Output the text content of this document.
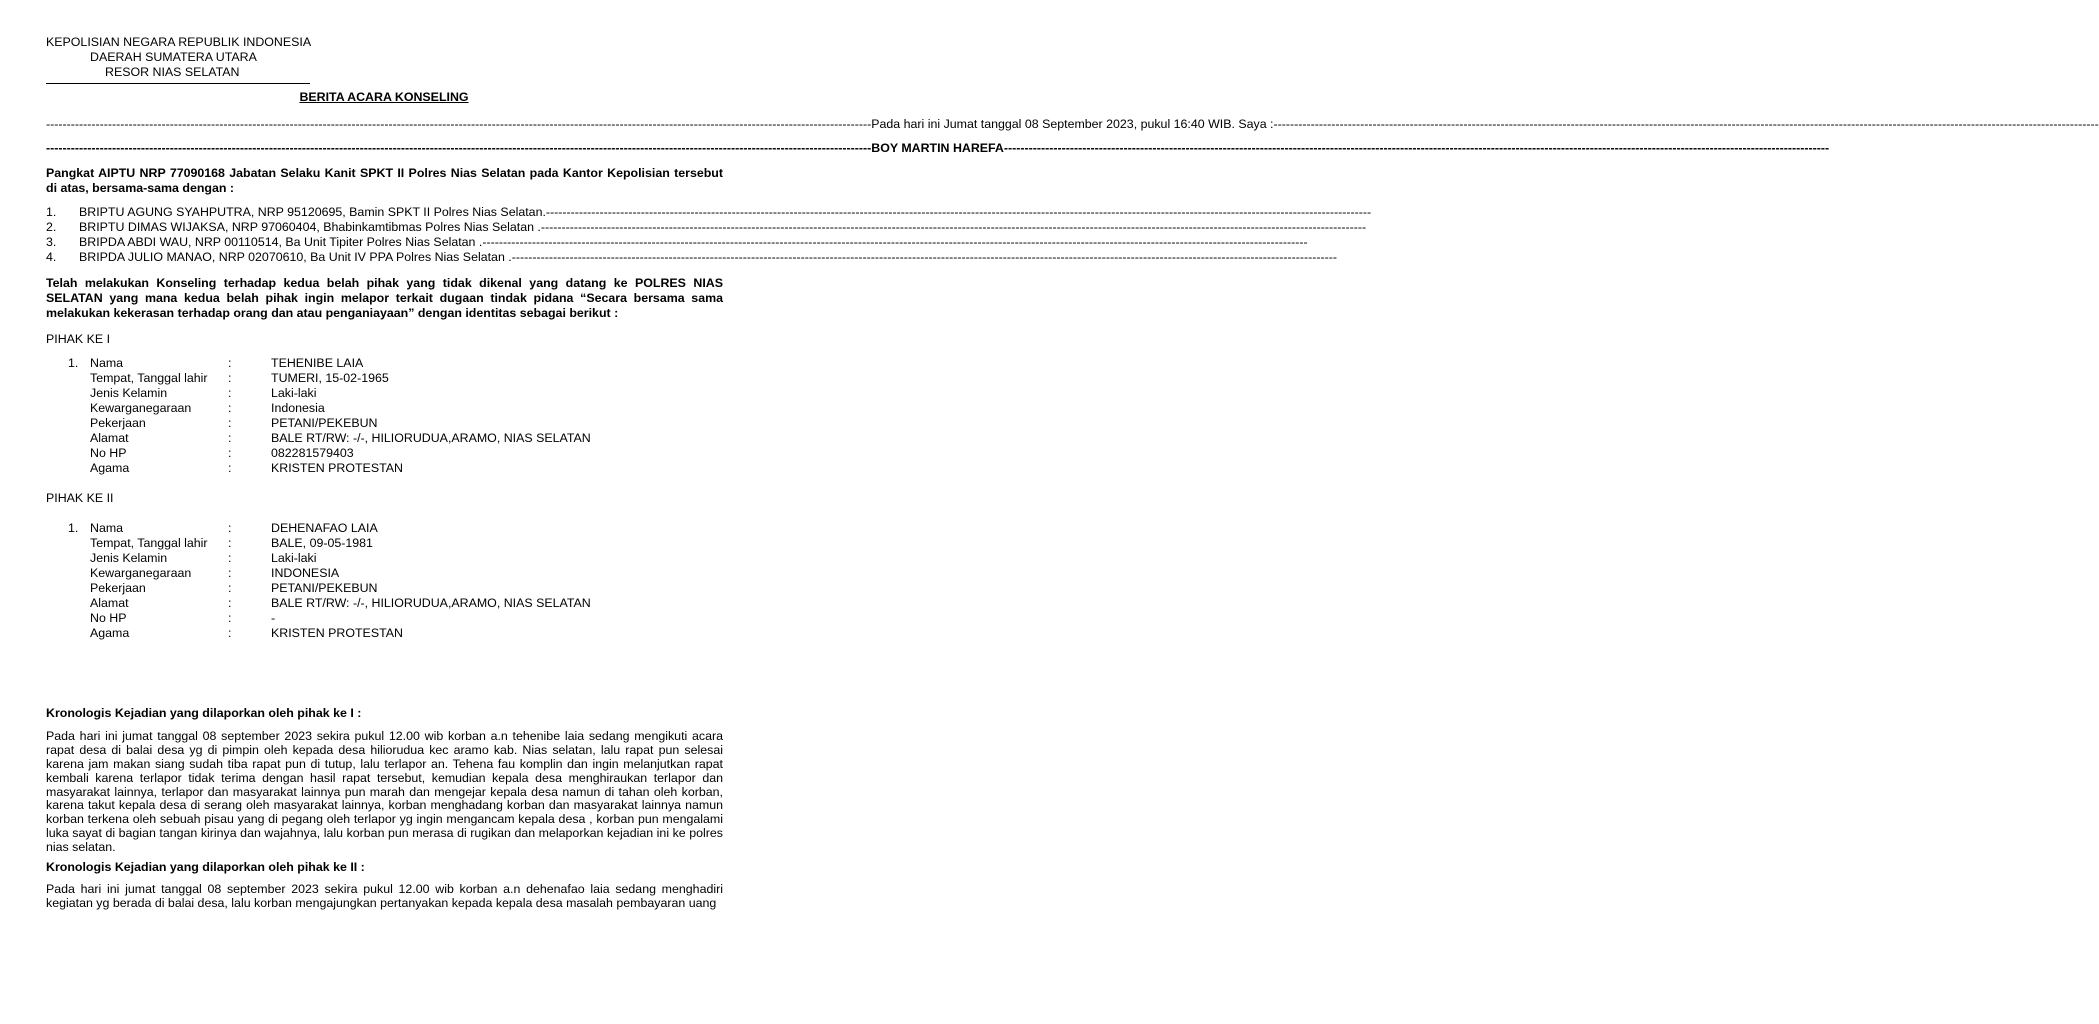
KEPOLISIAN NEGARA REPUBLIK INDONESIA
DAERAH SUMATERA UTARA
RESOR NIAS SELATAN
BERITA ACARA KONSELING
-------------------------------------------------------------------------------------------------------------------------------------------------------------------------------------------------------- Pada hari ini Jumat tanggal 08 September 2023, pukul 16:40 WIB. Saya : --------------------------------------------------------------------------------------------------------------------------------------------------------------------------------------------------------
-------------------------------------------------------------------------------------------------------------------------------------------------------------------------------------------------------- BOY MARTIN HAREFA --------------------------------------------------------------------------------------------------------------------------------------------------------------------------------------------------------
Pangkat AIPTU NRP 77090168 Jabatan Selaku Kanit SPKT II Polres Nias Selatan pada Kantor Kepolisian tersebut di atas, bersama-sama dengan :
1.	BRIPTU AGUNG SYAHPUTRA, NRP 95120695, Bamin SPKT II Polres Nias Selatan.--------------------------------------------------------------------------------------------------------------------------------------------------------------------------------------------------------
2.	BRIPTU DIMAS WIJAKSA, NRP 97060404, Bhabinkamtibmas Polres Nias Selatan .--------------------------------------------------------------------------------------------------------------------------------------------------------------------------------------------------------
3.	BRIPDA ABDI WAU, NRP 00110514, Ba Unit Tipiter Polres Nias Selatan .--------------------------------------------------------------------------------------------------------------------------------------------------------------------------------------------------------
4.	BRIPDA JULIO MANAO, NRP 02070610, Ba Unit IV PPA Polres Nias Selatan .--------------------------------------------------------------------------------------------------------------------------------------------------------------------------------------------------------
Telah melakukan Konseling terhadap kedua belah pihak yang tidak dikenal yang datang ke POLRES NIAS SELATAN yang mana kedua belah pihak ingin melapor terkait dugaan tindak pidana “Secara bersama sama melakukan kekerasan terhadap orang dan atau penganiayaan” dengan identitas sebagai berikut :
PIHAK KE I
1. Nama	:	TEHENIBE LAIA
Tempat, Tanggal lahir	:	TUMERI, 15-02-1965
Jenis Kelamin	:	Laki-laki
Kewarganegaraan	:	Indonesia
Pekerjaan	:	PETANI/PEKEBUN
Alamat	:	BALE RT/RW: -/-, HILIORUDUA,ARAMO, NIAS SELATAN
No HP	:	082281579403
Agama	:	KRISTEN PROTESTAN
PIHAK KE II
1. Nama	:	DEHENAFAO LAIA
Tempat, Tanggal lahir	:	BALE, 09-05-1981
Jenis Kelamin	:	Laki-laki
Kewarganegaraan	:	INDONESIA
Pekerjaan	:	PETANI/PEKEBUN
Alamat	:	BALE RT/RW: -/-, HILIORUDUA,ARAMO, NIAS SELATAN
No HP	:	-
Agama	:	KRISTEN PROTESTAN
Kronologis Kejadian yang dilaporkan oleh pihak ke I :
Pada hari ini jumat tanggal 08 september 2023 sekira pukul 12.00 wib korban a.n tehenibe laia sedang mengikuti acara rapat desa di balai desa yg di pimpin oleh kepada desa hiliorudua kec aramo kab. Nias selatan, lalu rapat pun selesai karena jam makan siang sudah tiba rapat pun di tutup, lalu terlapor an. Tehena fau komplin dan ingin melanjutkan rapat kembali karena terlapor tidak terima dengan hasil rapat tersebut, kemudian kepala desa menghiraukan terlapor dan masyarakat lainnya, terlapor dan masyarakat lainnya pun marah dan mengejar kepala desa namun di tahan oleh korban, karena takut kepala desa di serang oleh masyarakat lainnya, korban menghadang korban dan masyarakat lainnya namun korban terkena oleh sebuah pisau yang di pegang oleh terlapor yg ingin mengancam kepala desa , korban pun mengalami luka sayat di bagian tangan kirinya dan wajahnya, lalu korban pun merasa di rugikan dan melaporkan kejadian ini ke polres nias selatan.
Kronologis Kejadian yang dilaporkan oleh pihak ke II :
Pada hari ini jumat tanggal 08 september 2023 sekira pukul 12.00 wib korban a.n dehenafao laia sedang menghadiri kegiatan yg berada di balai desa, lalu korban mengajungkan pertanyakan kepada kepala desa masalah pembayaran uang
